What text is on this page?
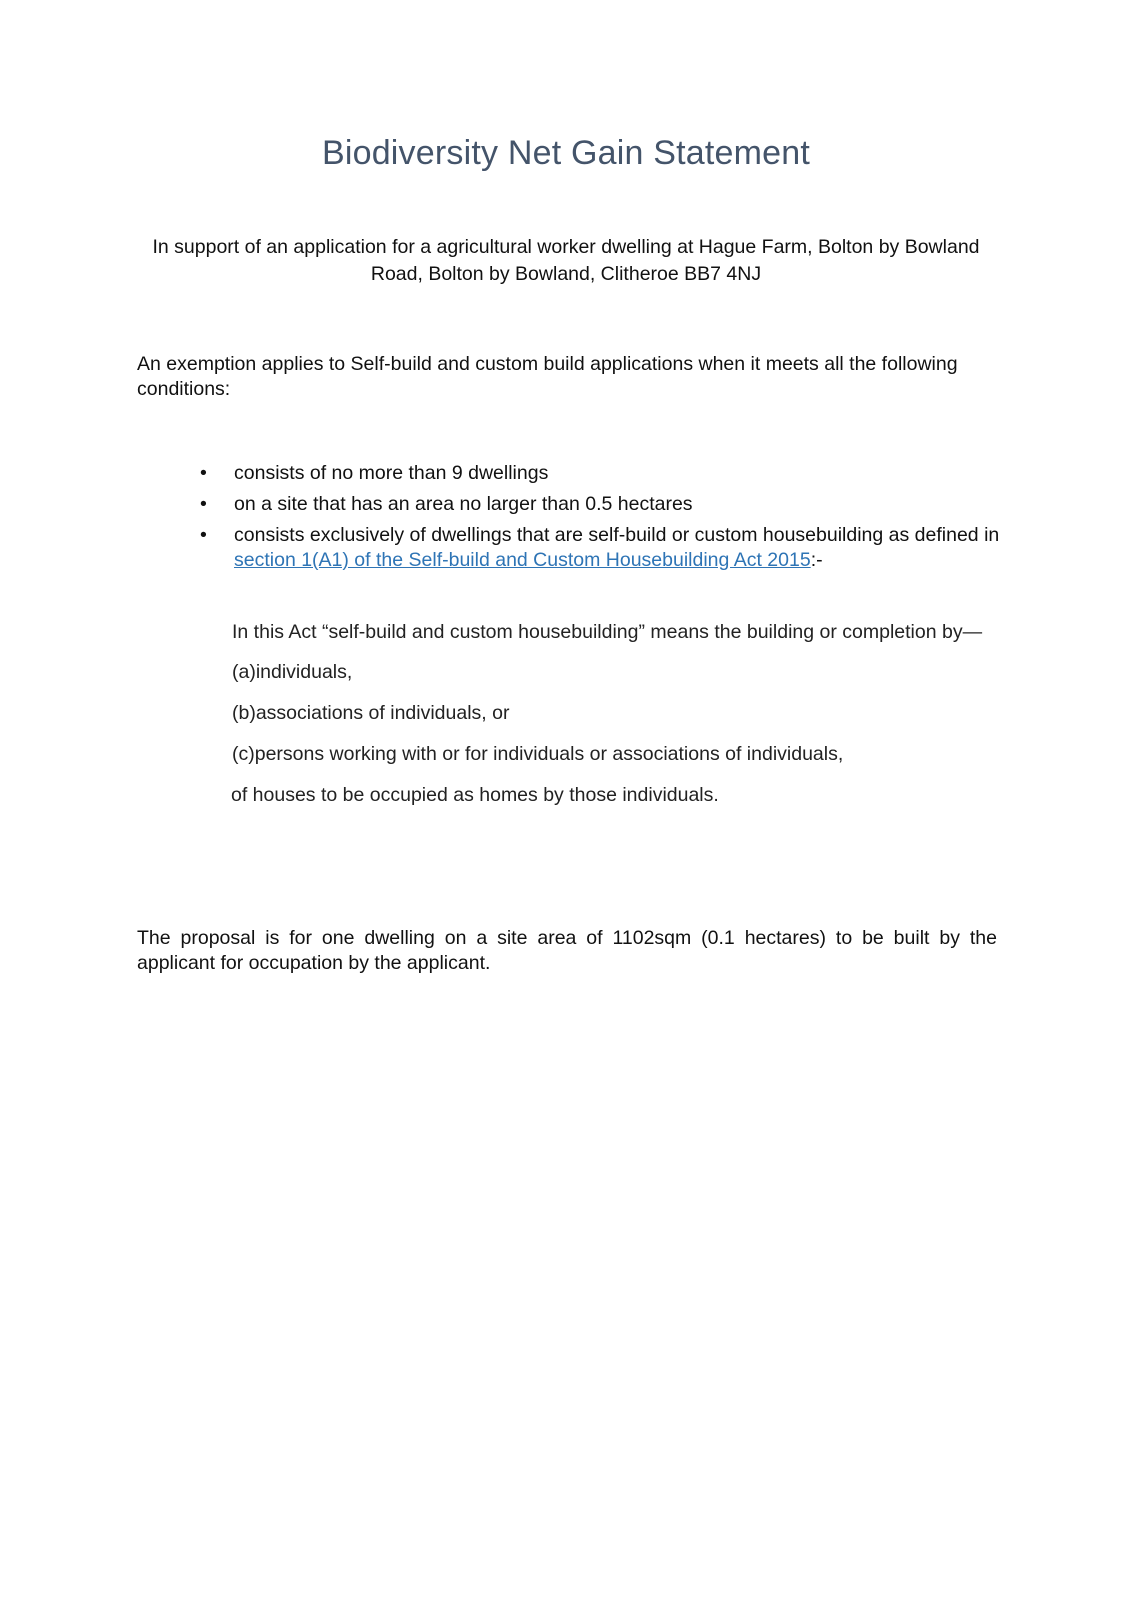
Biodiversity Net Gain Statement

In support of an application for a agricultural worker dwelling at Hague Farm, Bolton by Bowland Road, Bolton by Bowland, Clitheroe BB7 4NJ

An exemption applies to Self-build and custom build applications when it meets all the following conditions:

•	consists of no more than 9 dwellings
•	on a site that has an area no larger than 0.5 hectares
•	consists exclusively of dwellings that are self-build or custom housebuilding as defined in section 1(A1) of the Self-build and Custom Housebuilding Act 2015:-

In this Act “self-build and custom housebuilding” means the building or completion by—

(a)individuals,

(b)associations of individuals, or

(c)persons working with or for individuals or associations of individuals,

of houses to be occupied as homes by those individuals.

The proposal is for one dwelling on a site area of 1102sqm (0.1 hectares) to be built by the applicant for occupation by the applicant.
